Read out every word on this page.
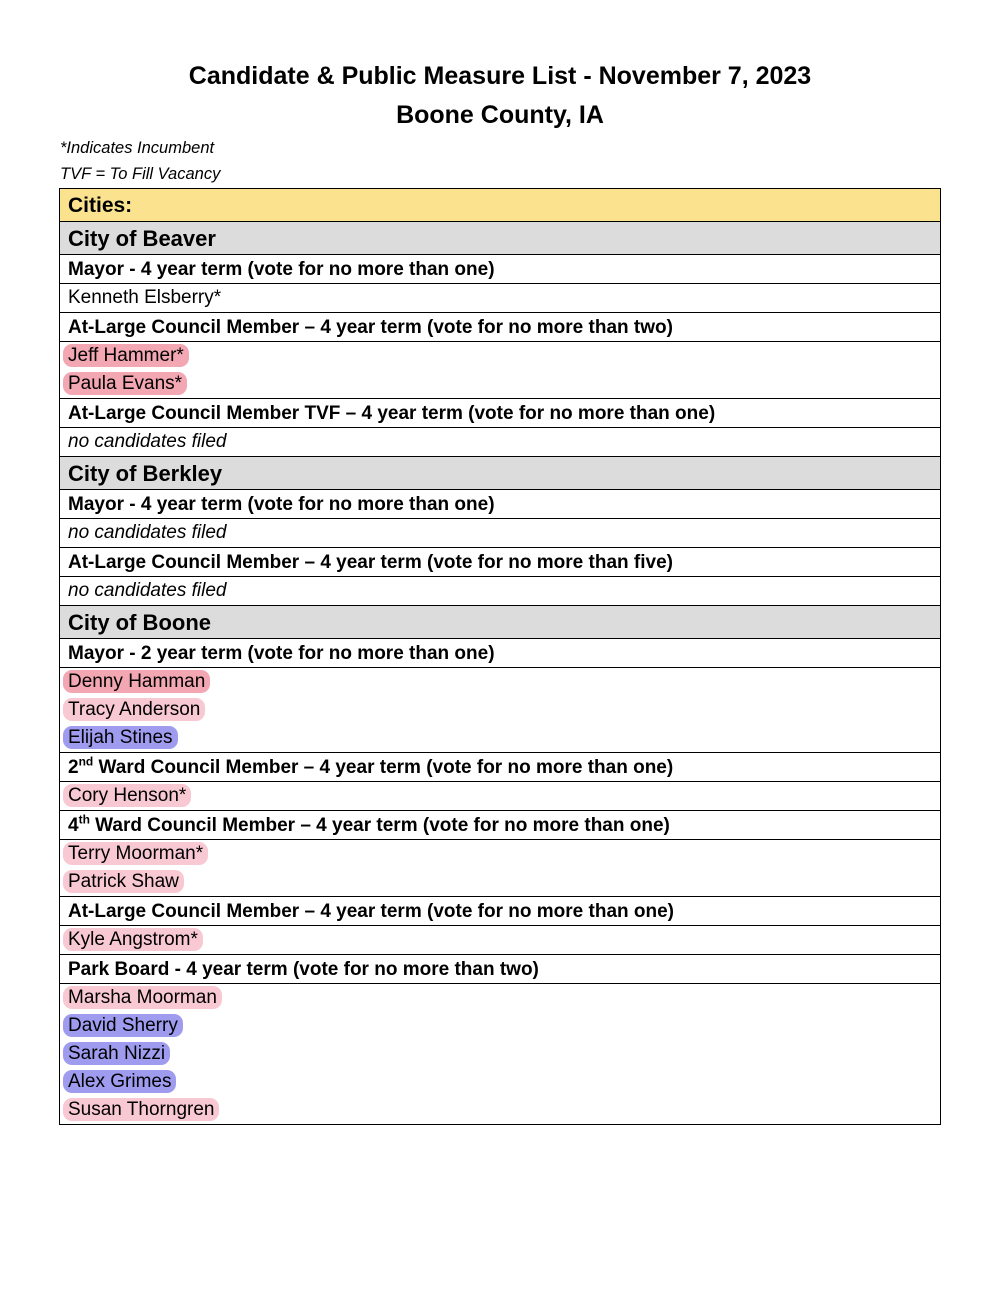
Candidate & Public Measure List - November 7, 2023
Boone County, IA
*Indicates Incumbent
TVF = To Fill Vacancy
Cities:
City of Beaver
Mayor - 4 year term (vote for no more than one)
Kenneth Elsberry*
At-Large Council Member – 4 year term (vote for no more than two)
Jeff Hammer*
Paula Evans*
At-Large Council Member TVF – 4 year term (vote for no more than one)
no candidates filed
City of Berkley
Mayor - 4 year term (vote for no more than one)
no candidates filed
At-Large Council Member – 4 year term (vote for no more than five)
no candidates filed
City of Boone
Mayor - 2 year term (vote for no more than one)
Denny Hamman
Tracy Anderson
Elijah Stines
2nd Ward Council Member – 4 year term (vote for no more than one)
Cory Henson*
4th Ward Council Member – 4 year term (vote for no more than one)
Terry Moorman*
Patrick Shaw
At-Large Council Member – 4 year term (vote for no more than one)
Kyle Angstrom*
Park Board - 4 year term (vote for no more than two)
Marsha Moorman
David Sherry
Sarah Nizzi
Alex Grimes
Susan Thorngren
